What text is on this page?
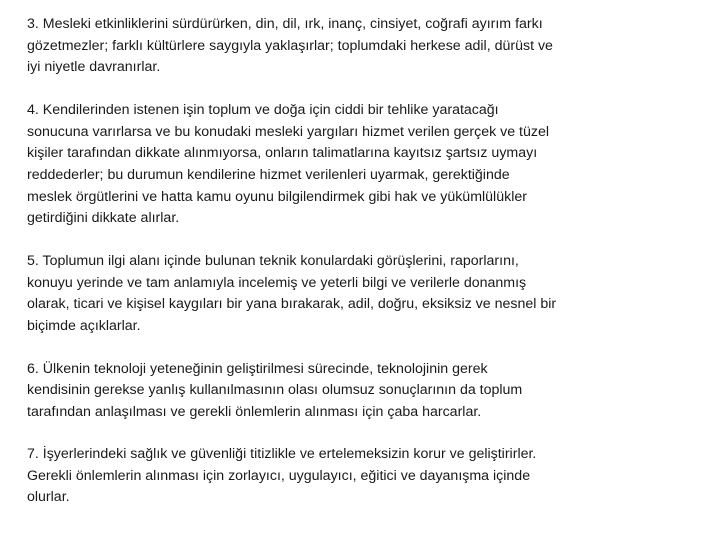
3. Mesleki etkinliklerini sürdürürken, din, dil, ırk, inanç, cinsiyet, coğrafi ayırım farkı
gözetmezler; farklı kültürlere saygıyla yaklaşırlar; toplumdaki herkese adil, dürüst ve
iyi niyetle davranırlar.

4. Kendilerinden istenen işin toplum ve doğa için ciddi bir tehlike yaratacağı
sonucuna varırlarsa ve bu konudaki mesleki yargıları hizmet verilen gerçek ve tüzel
kişiler tarafından dikkate alınmıyorsa, onların talimatlarına kayıtsız şartsız uymayı
reddederler; bu durumun kendilerine hizmet verilenleri uyarmak, gerektiğinde
meslek örgütlerini ve hatta kamu oyunu bilgilendirmek gibi hak ve yükümlülükler
getirdiğini dikkate alırlar.

5. Toplumun ilgi alanı içinde bulunan teknik konulardaki görüşlerini, raporlarını,
konuyu yerinde ve tam anlamıyla incelemiş ve yeterli bilgi ve verilerle donanmış
olarak, ticari ve kişisel kaygıları bir yana bırakarak, adil, doğru, eksiksiz ve nesnel bir
biçimde açıklarlar.

6. Ülkenin teknoloji yeteneğinin geliştirilmesi sürecinde, teknolojinin gerek
kendisinin gerekse yanlış kullanılmasının olası olumsuz sonuçlarının da toplum
tarafından anlaşılması ve gerekli önlemlerin alınması için çaba harcarlar.

7. İşyerlerindeki sağlık ve güvenliği titizlikle ve ertelemeksizin korur ve geliştirirler.
Gerekli önlemlerin alınması için zorlayıcı, uygulayıcı, eğitici ve dayanışma içinde
olurlar.
